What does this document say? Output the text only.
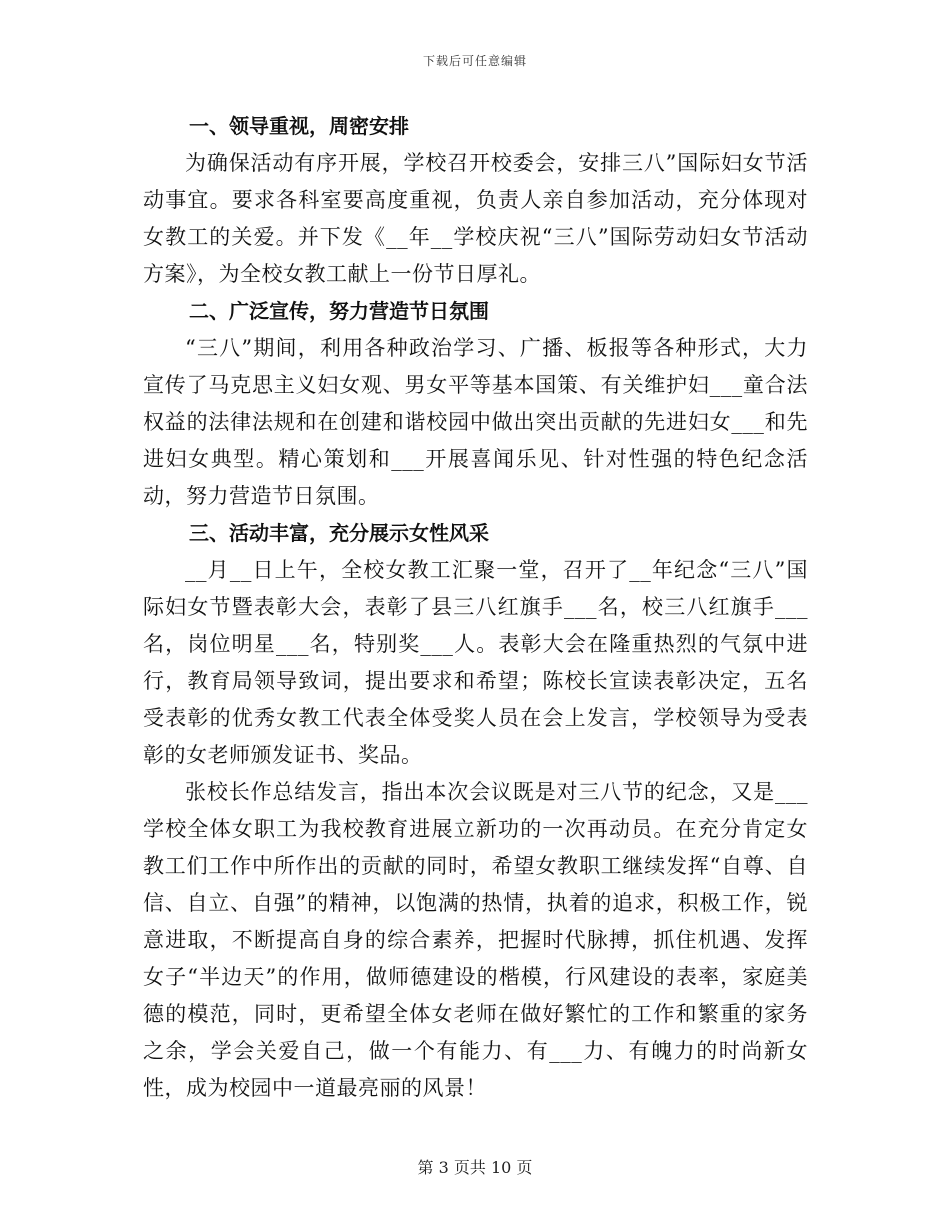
下载后可任意编辑
一、领导重视，周密安排

为确保活动有序开展，学校召开校委会，安排三八”国际妇女节活动事宜。要求各科室要高度重视，负责人亲自参加活动，充分体现对女教工的关爱。并下发《__年__学校庆祝“三八”国际劳动妇女节活动方案》，为全校女教工献上一份节日厚礼。

二、广泛宣传，努力营造节日氛围

“三八”期间，利用各种政治学习、广播、板报等各种形式，大力宣传了马克思主义妇女观、男女平等基本国策、有关维护妇___童合法权益的法律法规和在创建和谐校园中做出突出贡献的先进妇女___和先进妇女典型。精心策划和___开展喜闻乐见、针对性强的特色纪念活动，努力营造节日氛围。

三、活动丰富，充分展示女性风采

__月__日上午，全校女教工汇聚一堂，召开了__年纪念“三八”国际妇女节暨表彰大会，表彰了县三八红旗手___名，校三八红旗手___名，岗位明星___名，特别奖___人。表彰大会在隆重热烈的气氛中进行，教育局领导致词，提出要求和希望；陈校长宣读表彰决定，五名受表彰的优秀女教工代表全体受奖人员在会上发言，学校领导为受表彰的女老师颁发证书、奖品。

张校长作总结发言，指出本次会议既是对三八节的纪念，又是___学校全体女职工为我校教育进展立新功的一次再动员。在充分肯定女教工们工作中所作出的贡献的同时，希望女教职工继续发挥“自尊、自信、自立、自强”的精神，以饱满的热情，执着的追求，积极工作，锐意进取，不断提高自身的综合素养，把握时代脉搏，抓住机遇、发挥女子“半边天”的作用，做师德建设的楷模，行风建设的表率，家庭美德的模范，同时，更希望全体女老师在做好繁忙的工作和繁重的家务之余，学会关爱自己，做一个有能力、有___力、有魄力的时尚新女性，成为校园中一道最亮丽的风景！

第 3 页共 10 页
